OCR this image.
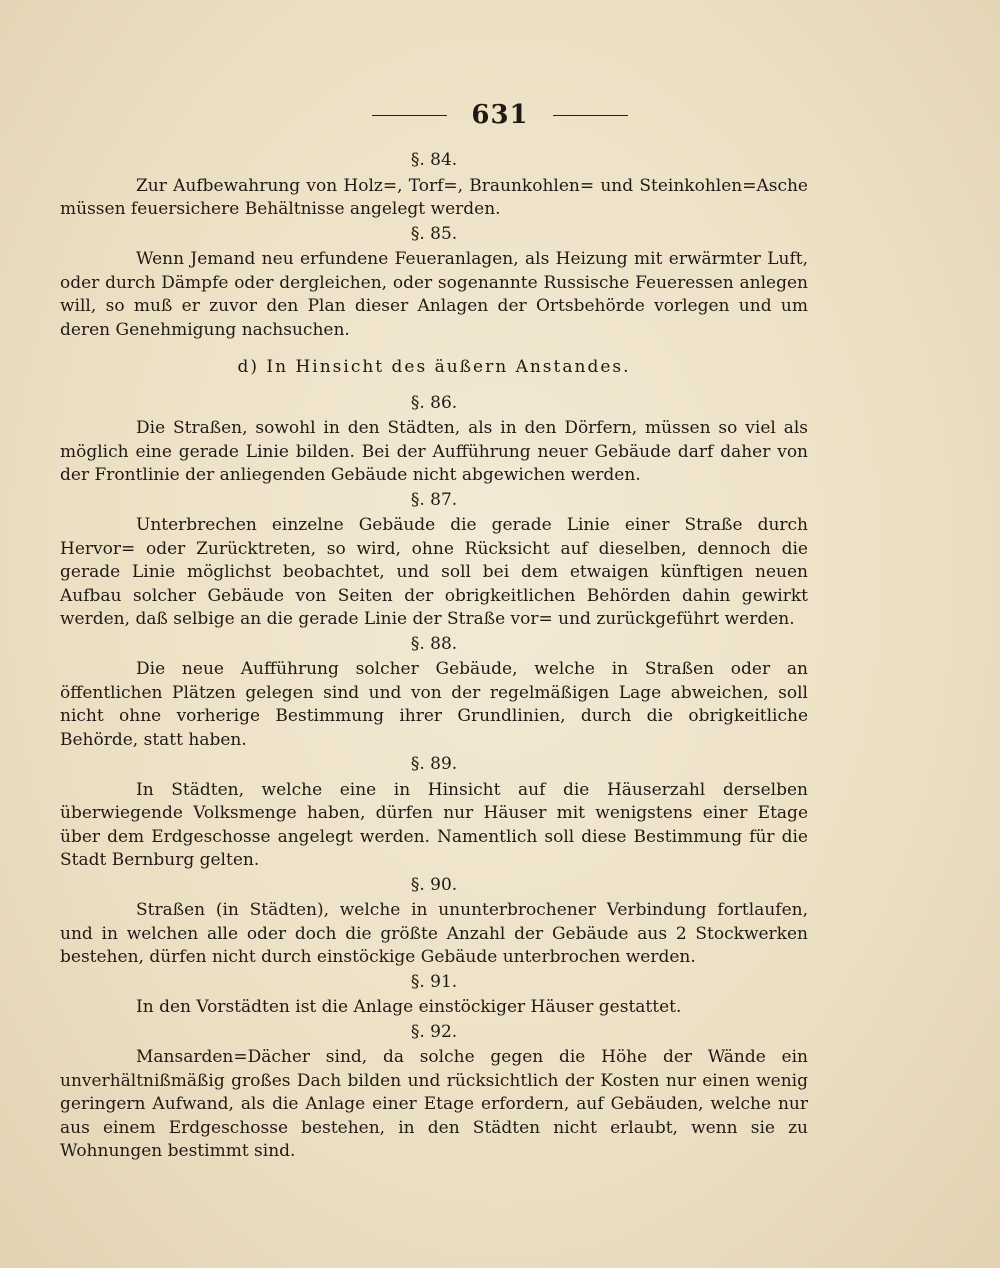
631
§. 84.

Zur Aufbewahrung von Holz=, Torf=, Braunkohlen= und Steinkohlen=Asche müssen feuersichere Behältnisse angelegt werden.

§. 85.

Wenn Jemand neu erfundene Feueranlagen, als Heizung mit erwärmter Luft, oder durch Dämpfe oder dergleichen, oder sogenannte Russische Feueressen anlegen will, so muß er zuvor den Plan dieser Anlagen der Ortsbehörde vorlegen und um deren Genehmigung nachsuchen.

d) In Hinsicht des äußern Anstandes.
§. 86.

Die Straßen, sowohl in den Städten, als in den Dörfern, müssen so viel als möglich eine gerade Linie bilden. Bei der Aufführung neuer Gebäude darf daher von der Frontlinie der anliegenden Gebäude nicht abgewichen werden.

§. 87.

Unterbrechen einzelne Gebäude die gerade Linie einer Straße durch Hervor= oder Zurücktreten, so wird, ohne Rücksicht auf dieselben, dennoch die gerade Linie möglichst beobachtet, und soll bei dem etwaigen künftigen neuen Aufbau solcher Gebäude von Seiten der obrigkeitlichen Behörden dahin gewirkt werden, daß selbige an die gerade Linie der Straße vor= und zurückgeführt werden.

§. 88.

Die neue Aufführung solcher Gebäude, welche in Straßen oder an öffentlichen Plätzen gelegen sind und von der regelmäßigen Lage abweichen, soll nicht ohne vorherige Bestimmung ihrer Grundlinien, durch die obrigkeitliche Behörde, statt haben.

§. 89.

In Städten, welche eine in Hinsicht auf die Häuserzahl derselben überwiegende Volksmenge haben, dürfen nur Häuser mit wenigstens einer Etage über dem Erdgeschosse angelegt werden. Namentlich soll diese Bestimmung für die Stadt Bernburg gelten.

§. 90.

Straßen (in Städten), welche in ununterbrochener Verbindung fortlaufen, und in welchen alle oder doch die größte Anzahl der Gebäude aus 2 Stockwerken bestehen, dürfen nicht durch einstöckige Gebäude unterbrochen werden.

§. 91.

In den Vorstädten ist die Anlage einstöckiger Häuser gestattet.

§. 92.

Mansarden=Dächer sind, da solche gegen die Höhe der Wände ein unverhältnißmäßig großes Dach bilden und rücksichtlich der Kosten nur einen wenig geringern Aufwand, als die Anlage einer Etage erfordern, auf Gebäuden, welche nur aus einem Erdgeschosse bestehen, in den Städten nicht erlaubt, wenn sie zu Wohnungen bestimmt sind.
